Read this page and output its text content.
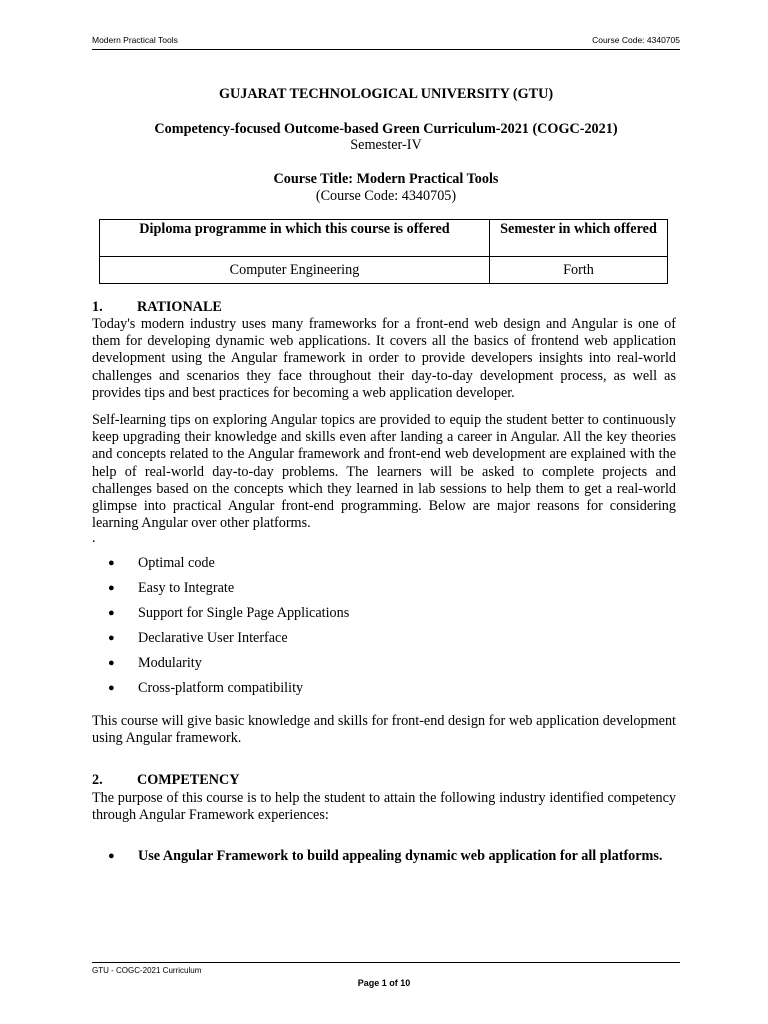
Modern Practical Tools	Course Code: 4340705
GUJARAT TECHNOLOGICAL UNIVERSITY (GTU)
Competency-focused Outcome-based Green Curriculum-2021 (COGC-2021)
Semester-IV
Course Title: Modern Practical Tools
(Course Code: 4340705)
Diploma programme in which this course is offered	Semester in which offered
Computer Engineering	Forth
1. RATIONALE
Today's modern industry uses many frameworks for a front-end web design and Angular is one of them for developing dynamic web applications. It covers all the basics of frontend web application development using the Angular framework in order to provide developers insights into real-world challenges and scenarios they face throughout their day-to-day development process, as well as provides tips and best practices for becoming a web application developer.
Self-learning tips on exploring Angular topics are provided to equip the student better to continuously keep upgrading their knowledge and skills even after landing a career in Angular. All the key theories and concepts related to the Angular framework and front-end web development are explained with the help of real-world day-to-day problems. The learners will be asked to complete projects and challenges based on the concepts which they learned in lab sessions to help them to get a real-world glimpse into practical Angular front-end programming. Below are major reasons for considering learning Angular over other platforms.
.
● Optimal code
● Easy to Integrate
● Support for Single Page Applications
● Declarative User Interface
● Modularity
● Cross-platform compatibility
This course will give basic knowledge and skills for front-end design for web application development using Angular framework.
2. COMPETENCY
The purpose of this course is to help the student to attain the following industry identified competency through Angular Framework experiences:
● Use Angular Framework to build appealing dynamic web application for all platforms.
GTU - COGC-2021 Curriculum
Page 1 of 10
